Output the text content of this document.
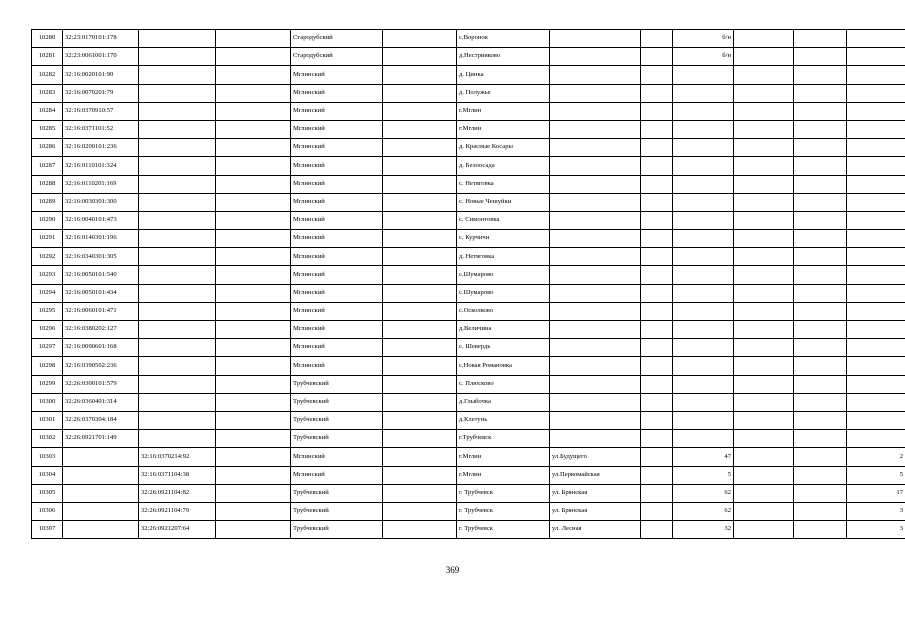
10280	32:23:0170101:178			Стародубский		с.Воронок			б/н			
10281	32:23:0061001:170			Стародубский		д.Нестрияково			б/н			
10282	32:16:0020101:90			Мглинский		д. Цинка						
10283	32:16:0070201:79			Мглинский		д. Полужье						
10284	32:16:0370910:57			Мглинский		г.Мглин						
10285	32:16:0371101:52			Мглинский		г.Мглин						
10286	32:16:0200101:236			Мглинский		д. Красные Косары						
10287	32:16:0110101:324			Мглинский		д. Белоосада						
10288	32:16:0110201:169			Мглинский		с. Нетяговка						
10289	32:16:0030301:300			Мглинский		с. Новые Чешуйки						
10290	32:16:0040101:473			Мглинский		с. Симонтовка						
10291	32:16:0140301:196			Мглинский		с. Курчичи						
10292	32:16:0340301:305			Мглинский		д. Нетяговка						
10293	32:16:0050101:540			Мглинский		с.Шумарово						
10294	32:16:0050101:434			Мглинский		с.Шумарово						
10295	32:16:0060101:471			Мглинский		с.Осколково						
10296	32:16:0380202:127			Мглинский		д.Величина						
10297	32:16:0090601:168			Мглинский		с. Шевердь						
10298	32:16:0390502:236			Мглинский		с.Новая Романовка						
10299	32:26:0300101:579			Трубчевский		с. Плюсково						
10300	32:26:0360401:314			Трубчевский		д.Глыбочка						
10301	32:26:0370304:184			Трубчевский		д.Клетунь						
10302	32:26:0921701:149			Трубчевский		г.Трубчевск						
10303		32:16:0370214:92		Мглинский		г.Мглин	ул.Будущего		47			2
10304		32:16:0371104:38		Мглинский		г.Мглин	ул.Первомайская		5			5
10305		32:26:0921104:82		Трубчевский		г. Трубчевск	ул. Брянская		62			17
10306		32:26:0921104:79		Трубчевский		г. Трубчевск	ул. Брянская		62			3
10307		32:26:0921207:64		Трубчевский		г. Трубчевск	ул. Лесная		32			3
369
